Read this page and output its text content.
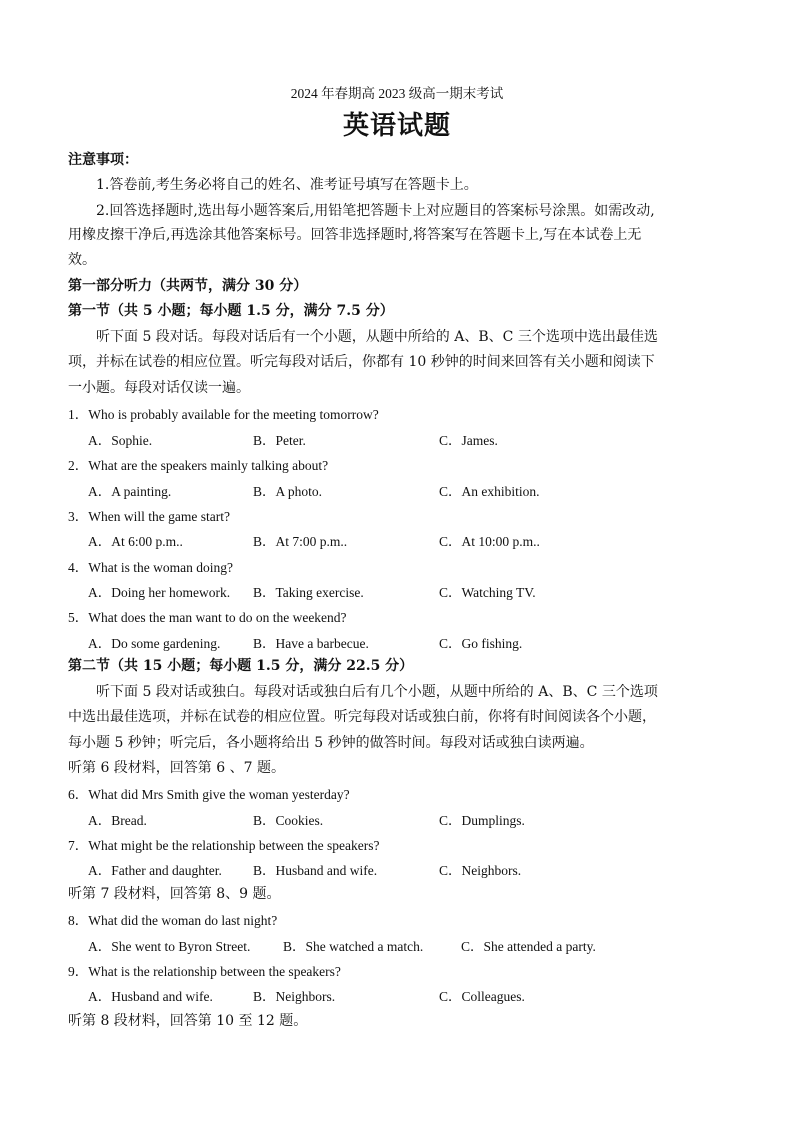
2024 年春期高 2023 级高一期末考试
英语试题
注意事项：
1.答卷前,考生务必将自己的姓名、准考证号填写在答题卡上。
2.回答选择题时,选出每小题答案后,用铅笔把答题卡上对应题目的答案标号涂黑。如需改动,
用橡皮擦干净后,再选涂其他答案标号。回答非选择题时,将答案写在答题卡上,写在本试卷上无
效。
第一部分听力（共两节，满分 30 分）
第一节（共 5 小题；每小题 1.5 分，满分 7.5 分）
听下面 5 段对话。每段对话后有一个小题，从题中所给的 A、B、C 三个选项中选出最佳选
项，并标在试卷的相应位置。听完每段对话后，你都有 10 秒钟的时间来回答有关小题和阅读下
一小题。每段对话仅读一遍。
1．Who is probably available for the meeting tomorrow?
A．Sophie.	B．Peter.	C．James.
2．What are the speakers mainly talking about?
A．A painting.	B．A photo.	C．An exhibition.
3．When will the game start?
A．At 6:00 p.m..	B．At 7:00 p.m..	C．At 10:00 p.m..
4．What is the woman doing?
A．Doing her homework. B．Taking exercise.	C．Watching TV.
5．What does the man want to do on the weekend?
A．Do some gardening. B．Have a barbecue.	C．Go fishing.
第二节（共 15 小题；每小题 1.5 分，满分 22.5 分）
听下面 5 段对话或独白。每段对话或独白后有几个小题，从题中所给的 A、B、C 三个选项
中选出最佳选项，并标在试卷的相应位置。听完每段对话或独白前，你将有时间阅读各个小题，
每小题 5 秒钟；听完后，各小题将给出 5 秒钟的做答时间。每段对话或独白读两遍。
听第 6 段材料，回答第 6 、7 题。
6．What did Mrs Smith give the woman yesterday?
A．Bread.	B．Cookies.	C．Dumplings.
7．What might be the relationship between the speakers?
A．Father and daughter. B．Husband and wife.	C．Neighbors.
听第 7 段材料，回答第 8、9 题。
8．What did the woman do last night?
A．She went to Byron Street. B．She watched a match.	C．She attended a party.
9．What is the relationship between the speakers?
A．Husband and wife.	B．Neighbors.	C．Colleagues.
听第 8 段材料，回答第 10 至 12 题。
